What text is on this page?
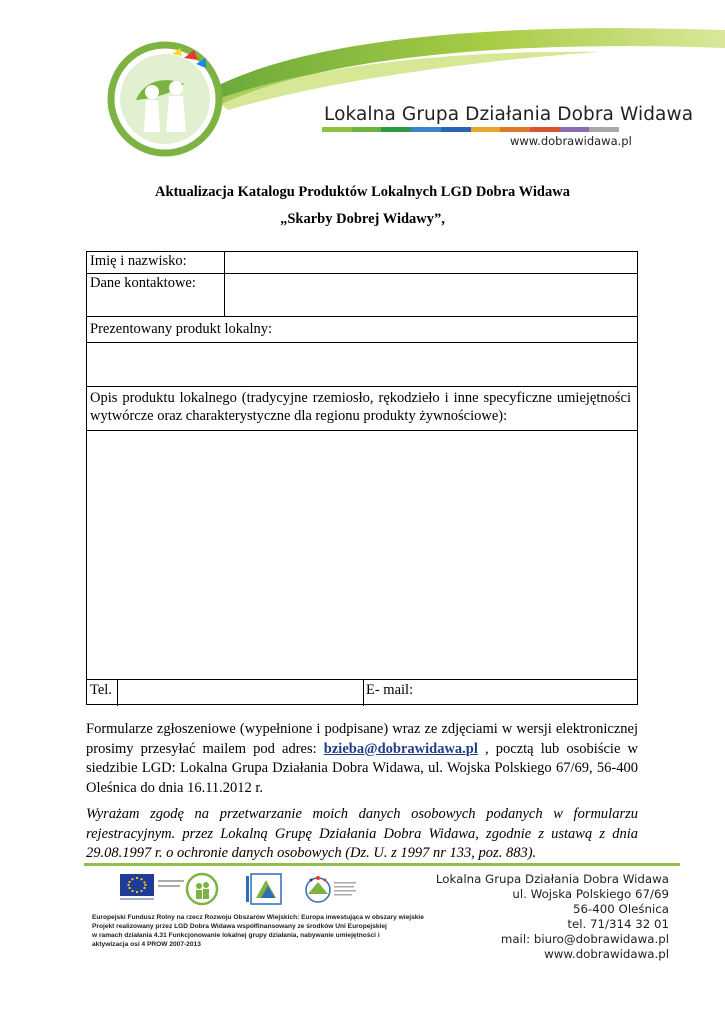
Lokalna Grupa Działania Dobra Widawa
www.dobrawidawa.pl
Aktualizacja Katalogu Produktów Lokalnych LGD Dobra Widawa
„Skarby Dobrej Widawy”,
Imię i nazwisko:
Dane kontaktowe:
Prezentowany produkt lokalny:
Opis produktu lokalnego (tradycyjne rzemiosło, rękodzieło i inne specyficzne umiejętności wytwórcze oraz charakterystyczne dla regionu produkty żywnościowe):
Tel.	E- mail:
Formularze zgłoszeniowe (wypełnione i podpisane) wraz ze zdjęciami w wersji elektronicznej prosimy przesyłać mailem pod adres: bzieba@dobrawidawa.pl , pocztą lub osobiście w siedzibie LGD: Lokalna Grupa Działania Dobra Widawa, ul. Wojska Polskiego 67/69, 56-400 Oleśnica do dnia 16.11.2012 r.
Wyrażam zgodę na przetwarzanie moich danych osobowych podanych w formularzu rejestracyjnym. przez Lokalną Grupę Działania Dobra Widawa, zgodnie z ustawą z dnia 29.08.1997 r. o ochronie danych osobowych (Dz. U. z 1997 nr 133, poz. 883).
Europejski Fundusz Rolny na rzecz Rozwoju Obszarów Wiejskich: Europa inwestująca w obszary wiejskie
Projekt realizowany przez LGD Dobra Widawa współfinansowany ze środków Uni Europejskiej
w ramach działania 4.31 Funkcjonowanie lokalnej grupy działania, nabywanie umiejętności i
aktywizacja osi 4 PROW 2007-2013
Lokalna Grupa Działania Dobra Widawa
ul. Wojska Polskiego 67/69
56-400 Oleśnica
tel. 71/314 32 01
mail: biuro@dobrawidawa.pl
www.dobrawidawa.pl
